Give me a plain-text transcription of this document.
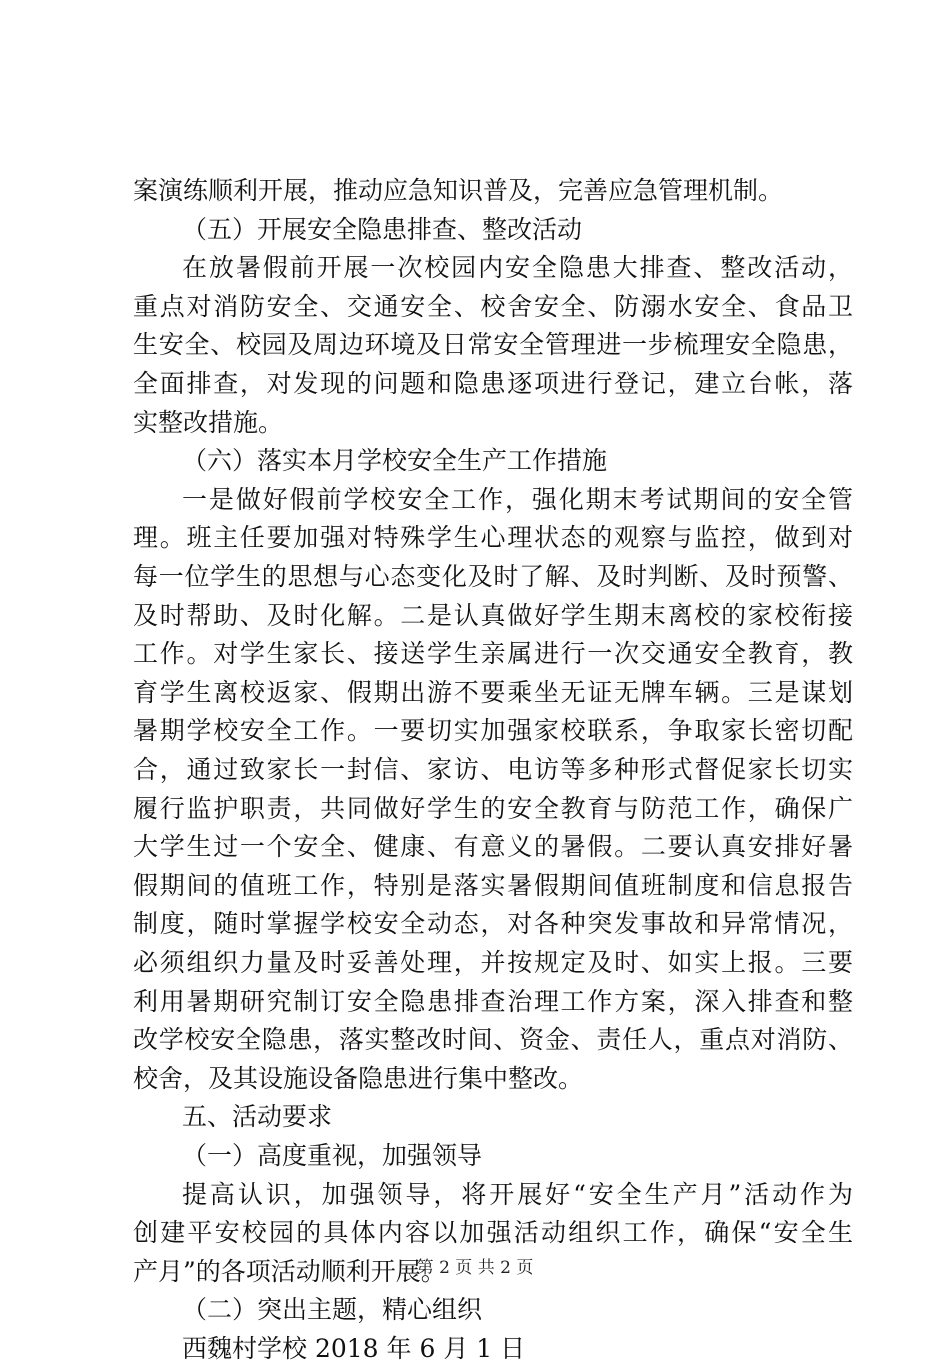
案演练顺利开展，推动应急知识普及，完善应急管理机制。
（五）开展安全隐患排查、整改活动
在放暑假前开展一次校园内安全隐患大排查、整改活动，
重点对消防安全、交通安全、校舍安全、防溺水安全、食品卫
生安全、校园及周边环境及日常安全管理进一步梳理安全隐患，
全面排查，对发现的问题和隐患逐项进行登记，建立台帐，落
实整改措施。
（六）落实本月学校安全生产工作措施
一是做好假前学校安全工作，强化期末考试期间的安全管
理。班主任要加强对特殊学生心理状态的观察与监控，做到对
每一位学生的思想与心态变化及时了解、及时判断、及时预警、
及时帮助、及时化解。二是认真做好学生期末离校的家校衔接
工作。对学生家长、接送学生亲属进行一次交通安全教育，教
育学生离校返家、假期出游不要乘坐无证无牌车辆。三是谋划
暑期学校安全工作。一要切实加强家校联系，争取家长密切配
合，通过致家长一封信、家访、电访等多种形式督促家长切实
履行监护职责，共同做好学生的安全教育与防范工作，确保广
大学生过一个安全、健康、有意义的暑假。二要认真安排好暑
假期间的值班工作，特别是落实暑假期间值班制度和信息报告
制度，随时掌握学校安全动态，对各种突发事故和异常情况，
必须组织力量及时妥善处理，并按规定及时、如实上报。三要
利用暑期研究制订安全隐患排查治理工作方案，深入排查和整
改学校安全隐患，落实整改时间、资金、责任人，重点对消防、
校舍，及其设施设备隐患进行集中整改。
五、活动要求
（一）高度重视，加强领导
提高认识，加强领导，将开展好“安全生产月”活动作为
创建平安校园的具体内容以加强活动组织工作，确保“安全生
产月”的各项活动顺利开展。
（二）突出主题，精心组织
西魏村学校 2018 年 6 月 1 日
第 2 页 共 2 页
